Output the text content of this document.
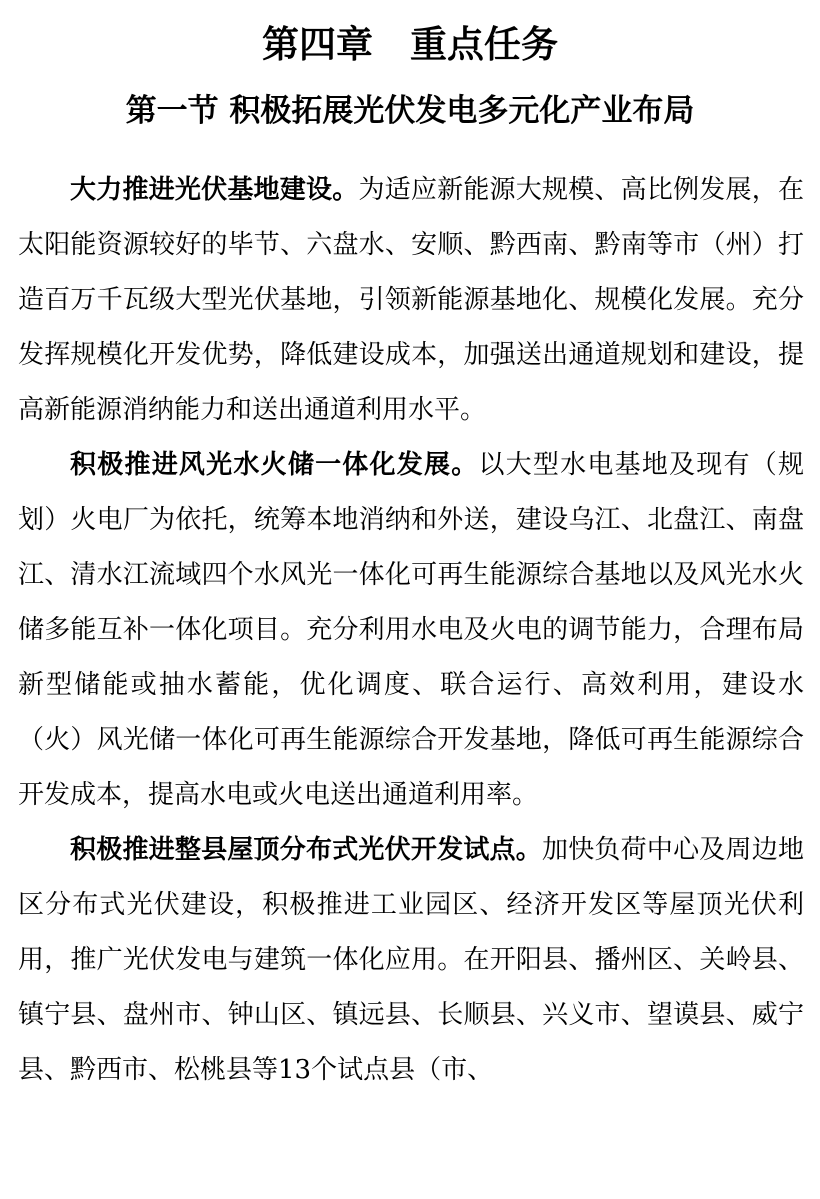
第四章　重点任务
第一节 积极拓展光伏发电多元化产业布局

大力推进光伏基地建设。为适应新能源大规模、高比例发展，在太阳能资源较好的毕节、六盘水、安顺、黔西南、黔南等市（州）打造百万千瓦级大型光伏基地，引领新能源基地化、规模化发展。充分发挥规模化开发优势，降低建设成本，加强送出通道规划和建设，提高新能源消纳能力和送出通道利用水平。

积极推进风光水火储一体化发展。以大型水电基地及现有（规划）火电厂为依托，统筹本地消纳和外送，建设乌江、北盘江、南盘江、清水江流域四个水风光一体化可再生能源综合基地以及风光水火储多能互补一体化项目。充分利用水电及火电的调节能力，合理布局新型储能或抽水蓄能，优化调度、联合运行、高效利用，建设水（火）风光储一体化可再生能源综合开发基地，降低可再生能源综合开发成本，提高水电或火电送出通道利用率。

积极推进整县屋顶分布式光伏开发试点。加快负荷中心及周边地区分布式光伏建设，积极推进工业园区、经济开发区等屋顶光伏利用，推广光伏发电与建筑一体化应用。在开阳县、播州区、关岭县、镇宁县、盘州市、钟山区、镇远县、长顺县、兴义市、望谟县、威宁县、黔西市、松桃县等13个试点县（市、
